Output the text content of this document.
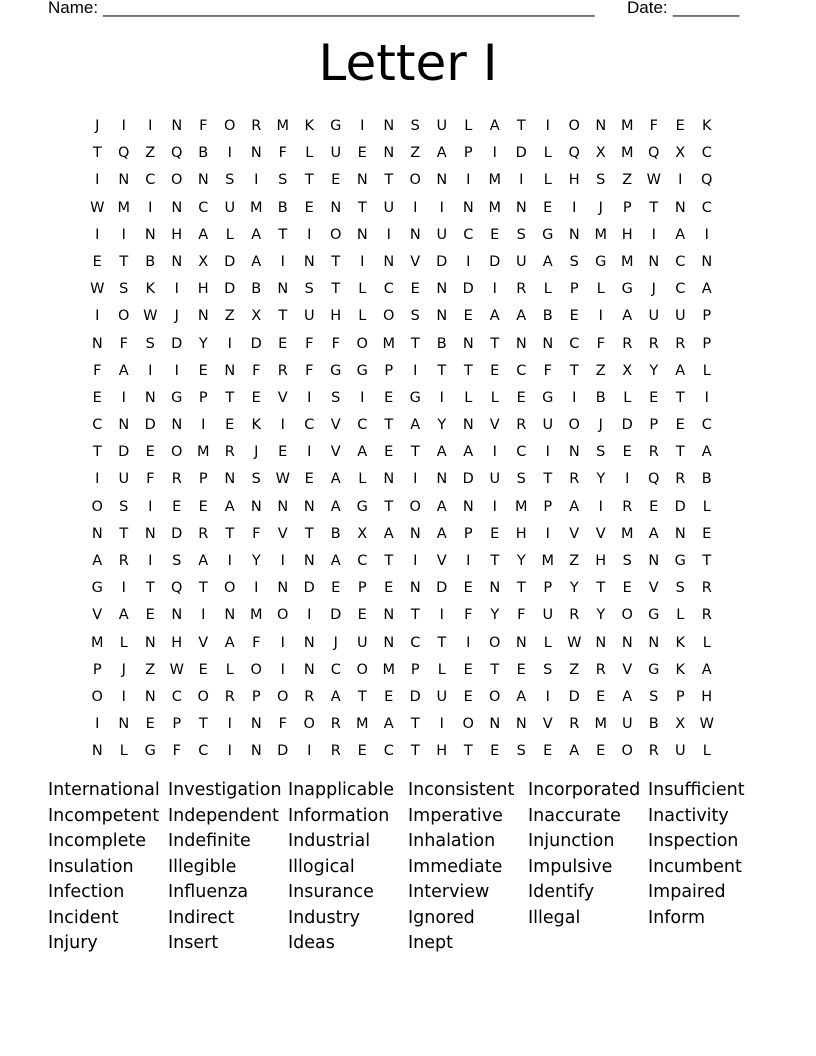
Name: ____________________________________________________ Date: _______
Letter I
J	I	I	N	F	O	R	M	K	G	I	N	S	U	L	A	T	I	O	N	M	F	E	K
T	Q	Z	Q	B	I	N	F	L	U	E	N	Z	A	P	I	D	L	Q	X	M	Q	X	C
I	N	C	O	N	S	I	S	T	E	N	T	O	N	I	M	I	L	H	S	Z W	I	Q
W M	I	N	C	U	M	B	E	N	T	U	I	I	N	M	N	E	I	J	P	T	N	C
I	I	N	H	A	L	A	T	I	O	N	I	N	U	C	E	S	G	N	M	H	I	A	I
E	T	B	N	X	D	A	I	N	T	I	N	V	D	I	D	U	A	S	G	M	N	C	N
W	S	K	I	H	D	B	N	S	T	L	C	E	N	D	I	R	L	P	L	G	J	C	A
I	O W	J	N	Z	X	T	U	H	L	O	S	N	E	A	A	B	E	I	A	U	U	P
N	F	S	D	Y	I	D	E	F	F	O	M	T	B	N	T	N	N	C	F	R	R	R	P
F	A	I	I	E	N	F	R	F	G	G	P	I	T	T	E	C	F	T	Z	X	Y	A	L
E	I	N	G	P	T	E	V	I	S	I	E	G	I	L	L	E	G	I	B	L	E	T	I
C	N	D	N	I	E	K	I	C	V	C	T	A	Y	N	V	R	U	O	J	D	P	E	C
T	D	E	O	M	R	J	E	I	V	A	E	T	A	A	I	C	I	N	S	E	R	T	A
I	U	F	R	P	N	S	W	E	A	L	N	I	N	D	U	S	T	R	Y	I	Q	R	B
O	S	I	E	E	A	N	N	N	A	G	T	O	A	N	I	M	P	A	I	R	E	D	L
N	T	N	D	R	T	F	V	T	B	X	A	N	A	P	E	H	I	V	V	M	A	N	E
A	R	I	S	A	I	Y	I	N	A	C	T	I	V	I	T	Y	M	Z	H	S	N	G	T
G	I	T	Q	T	O	I	N	D	E	P	E	N	D	E	N	T	P	Y	T	E	V	S	R
V	A	E	N	I	N	M	O	I	D	E	N	T	I	F	Y	F	U	R	Y	O	G	L	R
M	L	N	H	V	A	F	I	N	J	U	N	C	T	I	O	N	L	W N	N	N	K	L
P	J	Z W	E	L	O	I	N	C	O	M	P	L	E	T	E	S	Z	R	V	G	K	A
O	I	N	C	O	R	P	O	R	A	T	E	D	U	E	O	A	I	D	E	A	S	P	H
I	N	E	P	T	I	N	F	O	R	M	A	T	I	O	N	N	V	R	M	U	B	X W
N	L	G	F	C	I	N	D	I	R	E	C	T	H	T	E	S	E	A	E	O	R	U	L
International
Incompetent
Incomplete
Insulation
Infection
Incident
Injury
Investigation
Independent
Indefinite
Illegible
Influenza
Indirect
Insert
Inapplicable
Information
Industrial
Illogical
Insurance
Industry
Ideas
Inconsistent
Imperative
Inhalation
Immediate
Interview
Ignored
Inept
Incorporated
Inaccurate
Injunction
Impulsive
Identify
Illegal
Insufficient
Inactivity
Inspection
Incumbent
Impaired
Inform
